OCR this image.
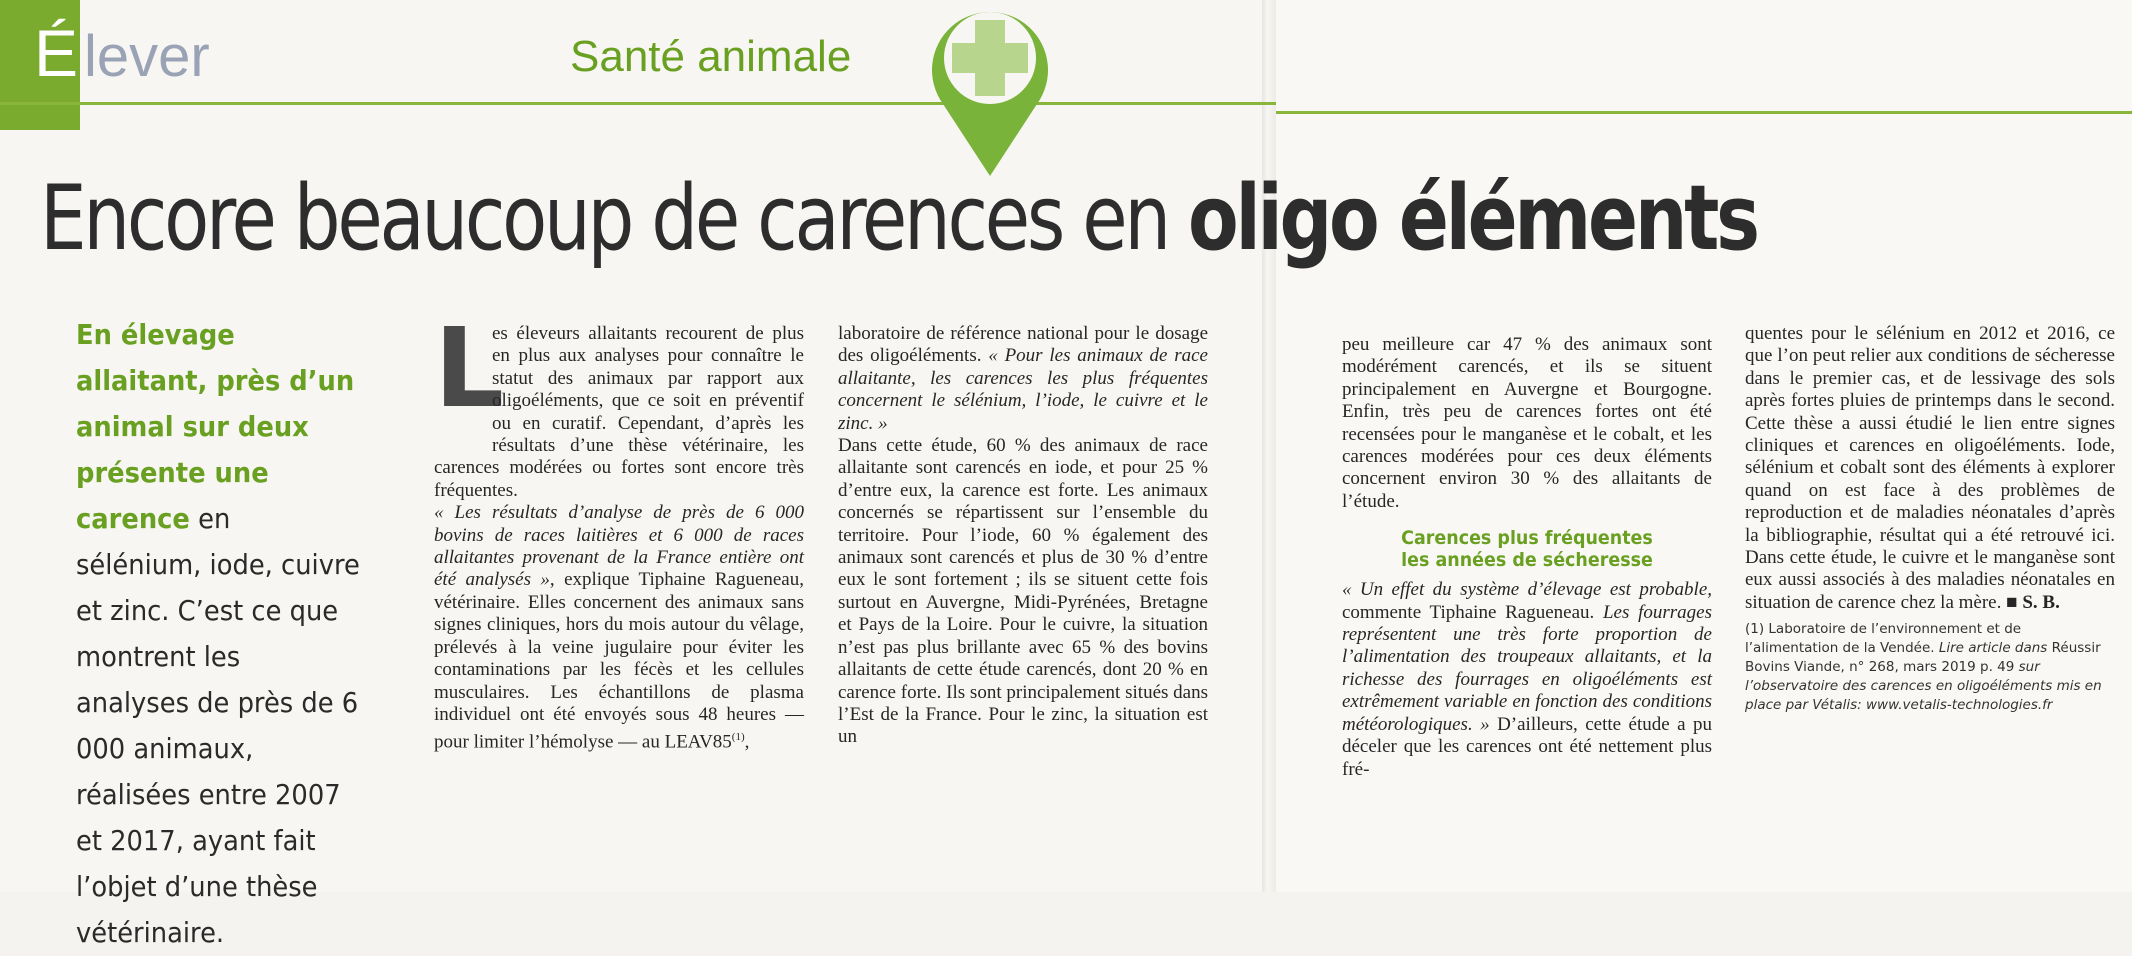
É lever	Santé animale
Encore beaucoup de carences en oligo éléments
En élevage allaitant, près d’un animal sur deux présente une carence en sélénium, iode, cuivre et zinc. C’est ce que montrent les analyses de près de 6 000 animaux, réalisées entre 2007 et 2017, ayant fait l’objet d’une thèse vétérinaire.
L
es éleveurs allaitants recourent de plus en plus aux analyses pour connaître le statut des animaux par rapport aux oligoéléments, que ce soit en préventif ou en curatif. Cependant, d’après les résultats d’une thèse vétérinaire, les carences modérées ou fortes sont encore très fréquentes.
« Les résultats d’analyse de près de 6 000 bovins de races laitières et 6 000 de races allaitantes provenant de la France entière ont été analysés », explique Tiphaine Ragueneau, vétérinaire. Elles concernent des animaux sans signes cliniques, hors du mois autour du vêlage, prélevés à la veine jugulaire pour éviter les contaminations par les fécès et les cellules musculaires. Les échantillons de plasma individuel ont été envoyés sous 48 heures — pour limiter l’hémolyse — au LEAV85$^{(1)}$,
laboratoire de référence national pour le dosage des oligoéléments. « Pour les animaux de race allaitante, les carences les plus fréquentes concernent le sélénium, l’iode, le cuivre et le zinc. »
Dans cette étude, 60 % des animaux de race allaitante sont carencés en iode, et pour 25 % d’entre eux, la carence est forte. Les animaux concernés se répartissent sur l’ensemble du territoire. Pour l’iode, 60 % également des animaux sont carencés et plus de 30 % d’entre eux le sont fortement ; ils se situent cette fois surtout en Auvergne, Midi-Pyrénées, Bretagne et Pays de la Loire. Pour le cuivre, la situation n’est pas plus brillante avec 65 % des bovins allaitants de cette étude carencés, dont 20 % en carence forte. Ils sont principalement situés dans l’Est de la France. Pour le zinc, la situation est un

peu meilleure car 47 % des animaux sont modérément carencés, et ils se situent principalement en Auvergne et Bourgogne. Enfin, très peu de carences fortes ont été recensées pour le manganèse et le cobalt, et les carences modérées pour ces deux éléments concernent environ 30 % des allaitants de l’étude.

Carences plus fréquentes
les années de sécheresse

« Un effet du système d’élevage est probable, commente Tiphaine Ragueneau. Les fourrages représentent une très forte proportion de l’alimentation des troupeaux allaitants, et la richesse des fourrages en oligoéléments est extrêmement variable en fonction des conditions météorologiques. » D’ailleurs, cette étude a pu déceler que les carences ont été nettement plus fré-

quentes pour le sélénium en 2012 et 2016, ce que l’on peut relier aux conditions de sécheresse dans le premier cas, et de lessivage des sols après fortes pluies de printemps dans le second. Cette thèse a aussi étudié le lien entre signes cliniques et carences en oligoéléments. Iode, sélénium et cobalt sont des éléments à explorer quand on est face à des problèmes de reproduction et de maladies néonatales d’après la bibliographie, résultat qui a été retrouvé ici. Dans cette étude, le cuivre et le manganèse sont eux aussi associés à des maladies néonatales en situation de carence chez la mère. ■ S. B.

(1) Laboratoire de l’environnement et de l’alimentation de la Vendée. Lire article dans Réussir Bovins Viande, n° 268, mars 2019 p. 49 sur l’observatoire des carences en oligoéléments mis en place par Vétalis: www.vetalis-technologies.fr
